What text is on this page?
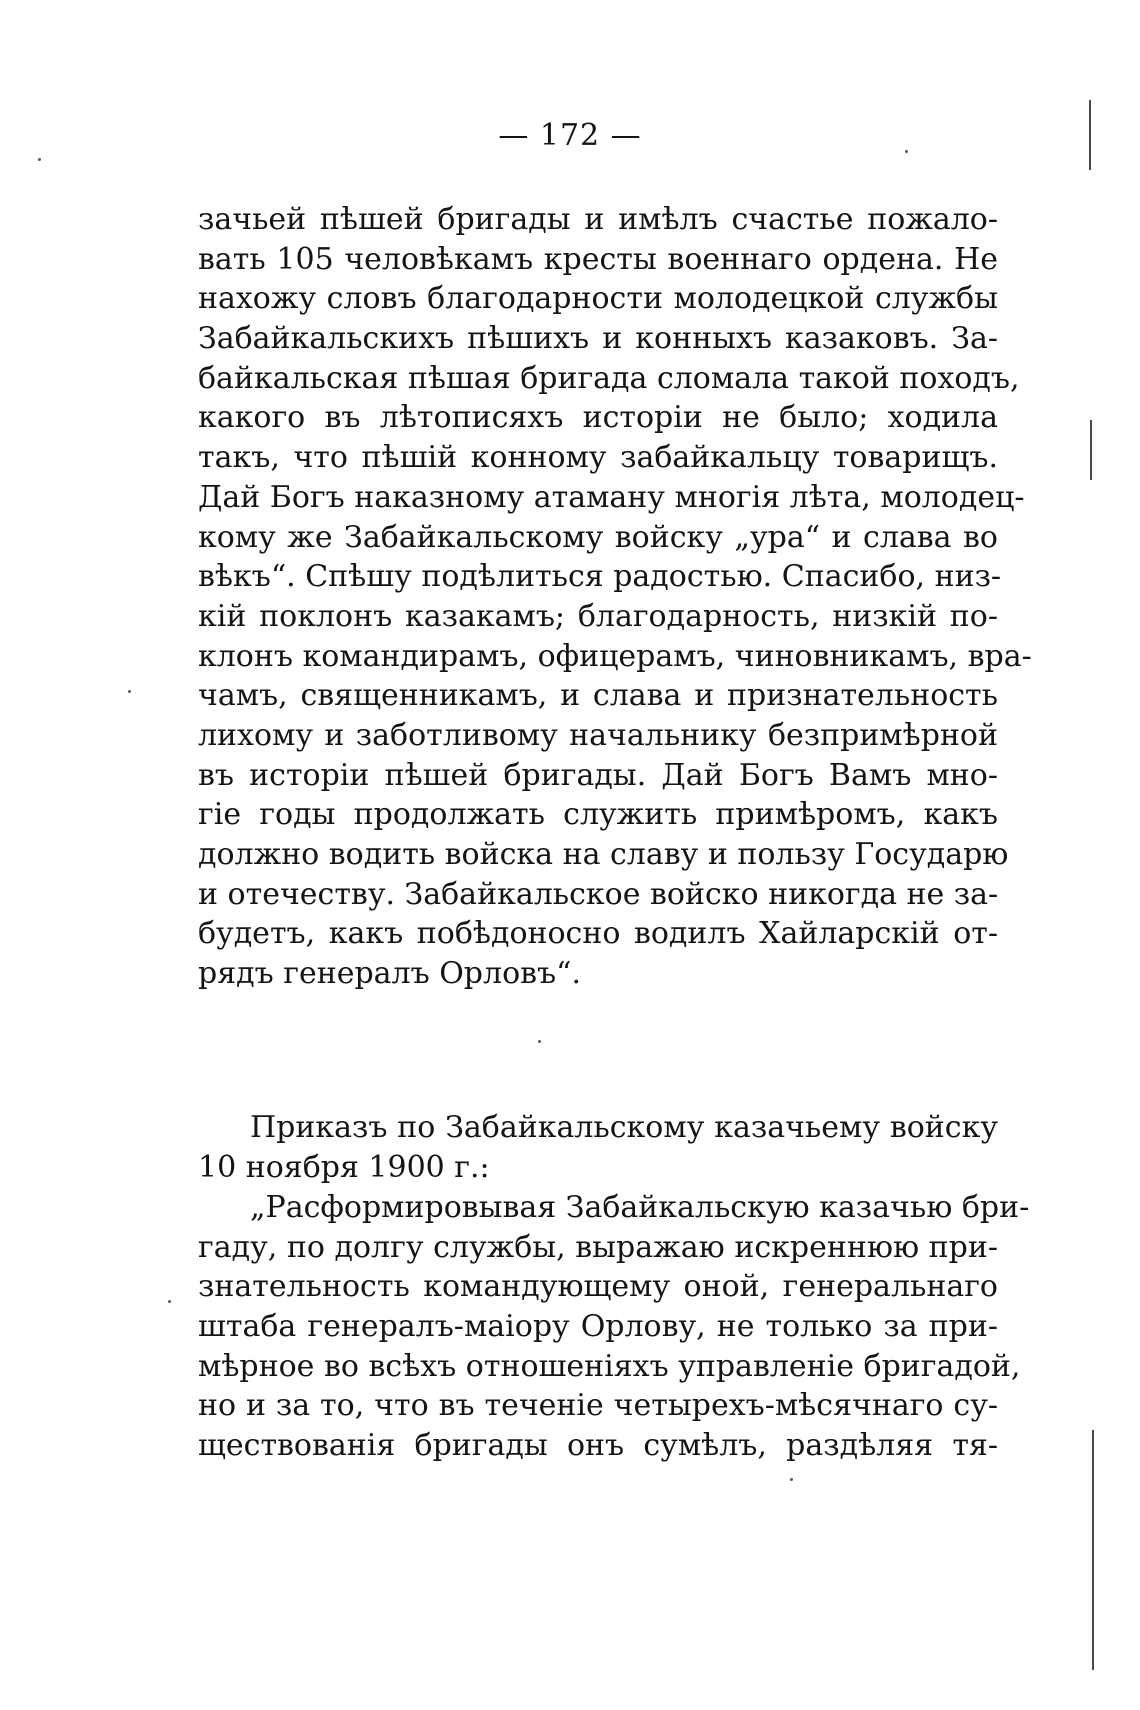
— 172 —
зачьей пѣшей бригады и имѣлъ счастье пожало-
вать 105 человѣкамъ кресты военнаго ордена. Не
нахожу словъ благодарности молодецкой службы
Забайкальскихъ пѣшихъ и конныхъ казаковъ. За-
байкальская пѣшая бригада сломала такой походъ,
какого въ лѣтописяхъ исторіи не было; ходила
такъ, что пѣшій конному забайкальцу товарищъ.
Дай Богъ наказному атаману многія лѣта, молодец-
кому же Забайкальскому войску „ура“ и слава во
вѣкъ“. Спѣшу подѣлиться радостью. Спасибо, низ-
кій поклонъ казакамъ; благодарность, низкій по-
клонъ командирамъ, офицерамъ, чиновникамъ, вра-
чамъ, священникамъ, и слава и признательность
лихому и заботливому начальнику безпримѣрной
въ исторіи пѣшей бригады. Дай Богъ Вамъ мно-
гіе годы продолжать служить примѣромъ, какъ
должно водить войска на славу и пользу Государю
и отечеству. Забайкальское войско никогда не за-
будетъ, какъ побѣдоносно водилъ Хайларскій от-
рядъ генералъ Орловъ“.
Приказъ по Забайкальскому казачьему войску
10 ноября 1900 г.:
„Расформировывая Забайкальскую казачью бри-
гаду, по долгу службы, выражаю искреннюю при-
знательность командующему оной, генеральнаго
штаба генералъ-маіору Орлову, не только за при-
мѣрное во всѣхъ отношеніяхъ управленіе бригадой,
но и за то, что въ теченіе четырехъ-мѣсячнаго су-
ществованія бригады онъ сумѣлъ, раздѣляя тя-
